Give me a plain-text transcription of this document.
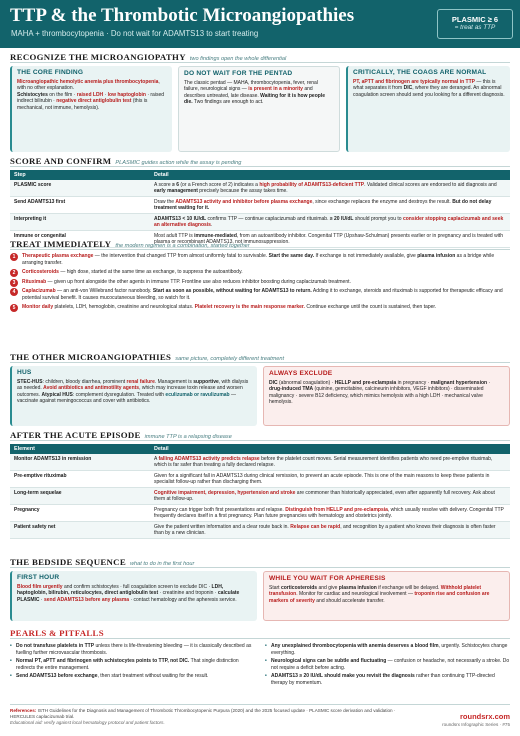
TTP & the Thrombotic Microangiopathies
MAHA + thrombocytopenia · Do not wait for ADAMTS13 to start treating
PLASMIC ≥ 6
= treat as TTP
RECOGNIZE THE MICROANGIOPATHY two findings open the whole differential
THE CORE FINDING
Microangiopathic hemolytic anemia plus thrombocytopenia, with no other explanation.
Schistocytes on the film · raised LDH · low haptoglobin · raised indirect bilirubin · negative direct antiglobulin test (this is mechanical, not immune, hemolysis).
DO NOT WAIT FOR THE PENTAD
The classic pentad — MAHA, thrombocytopenia, fever, renal failure, neurological signs — is present in a minority and describes untreated, late disease. Waiting for it is how people die. Two findings are enough to act.
CRITICALLY, THE COAGS ARE NORMAL
PT, aPTT and fibrinogen are typically normal in TTP — this is what separates it from DIC, where they are deranged. An abnormal coagulation screen should send you looking for a different diagnosis.
SCORE AND CONFIRM PLASMIC guides action while the assay is pending
Step	Detail
PLASMIC score	A score ≥ 6 (or a French score of 2) indicates a high probability of ADAMTS13-deficient TTP. Validated clinical scores are endorsed to aid diagnosis and early management precisely because the assay takes time.
Send ADAMTS13 first	Draw the ADAMTS13 activity and inhibitor before plasma exchange, since exchange replaces the enzyme and destroys the result. But do not delay treatment waiting for it.
Interpreting it	ADAMTS13 < 10 IU/dL confirms TTP — continue caplacizumab and rituximab. ≥ 20 IU/dL should prompt you to consider stopping caplacizumab and seek an alternative diagnosis.
Immune or congenital	Most adult TTP is immune-mediated, from an autoantibody inhibitor. Congenital TTP (Upshaw-Schulman) presents earlier or in pregnancy and is treated with plasma or recombinant ADAMTS13, not immunosuppression.
TREAT IMMEDIATELY the modern regimen is a combination, started together
1	Therapeutic plasma exchange — the intervention that changed TTP from almost uniformly fatal to survivable. Start the same day. If exchange is not immediately available, give plasma infusion as a bridge while arranging transfer.
2	Corticosteroids — high dose, started at the same time as exchange, to suppress the autoantibody.
3	Rituximab — given up front alongside the other agents in immune TTP. Frontline use also reduces inhibitor boosting during caplacizumab treatment.
4	Caplacizumab — an anti-von Willebrand factor nanobody. Start as soon as possible, without waiting for ADAMTS13 to return. Adding it to exchange, steroids and rituximab is supported for therapeutic efficacy and potential survival benefit. It causes mucocutaneous bleeding, so watch for it.
5	Monitor daily platelets, LDH, hemoglobin, creatinine and neurological status. Platelet recovery is the main response marker. Continue exchange until the count is sustained, then taper.
THE OTHER MICROANGIOPATHIES same picture, completely different treatment
HUS
STEC-HUS: children, bloody diarrhea, prominent renal failure. Management is supportive, with dialysis as needed. Avoid antibiotics and antimotility agents, which may increase toxin release and worsen outcomes. Atypical HUS: complement dysregulation. Treated with eculizumab or ravulizumab — vaccinate against meningococcus and cover with antibiotics.
ALWAYS EXCLUDE
DIC (abnormal coagulation) · HELLP and pre-eclampsia in pregnancy · malignant hypertension · drug-induced TMA (quinine, gemcitabine, calcineurin inhibitors, VEGF inhibitors) · disseminated malignancy · severe B12 deficiency, which mimics hemolysis with a high LDH · mechanical valve hemolysis.
AFTER THE ACUTE EPISODE immune TTP is a relapsing disease
Element	Detail
Monitor ADAMTS13 in remission	A falling ADAMTS13 activity predicts relapse before the platelet count moves. Serial measurement identifies patients who need pre-emptive rituximab, which is far safer than treating a fully declared relapse.
Pre-emptive rituximab	Given for a significant fall in ADAMTS13 during clinical remission, to prevent an acute episode. This is one of the main reasons to keep these patients in specialist follow-up rather than discharging them.
Long-term sequelae	Cognitive impairment, depression, hypertension and stroke are commoner than historically appreciated, even after apparently full recovery. Ask about them at follow-up.
Pregnancy	Pregnancy can trigger both first presentations and relapse. Distinguish from HELLP and pre-eclampsia, which usually resolve with delivery. Congenital TTP frequently declares itself in a first pregnancy. Plan future pregnancies with hematology and obstetrics jointly.
Patient safety net	Give the patient written information and a clear route back in. Relapse can be rapid, and recognition by a patient who knows their diagnosis is often faster than by a new clinician.
THE BEDSIDE SEQUENCE what to do in the first hour
FIRST HOUR
Blood film urgently and confirm schistocytes · full coagulation screen to exclude DIC · LDH, haptoglobin, bilirubin, reticulocytes, direct antiglobulin test · creatinine and troponin · calculate PLASMIC · send ADAMTS13 before any plasma · contact hematology and the apheresis service.
WHILE YOU WAIT FOR APHERESIS
Start corticosteroids and give plasma infusion if exchange will be delayed. Withhold platelet transfusion. Monitor for cardiac and neurological involvement — troponin rise and confusion are markers of severity and should accelerate transfer.
PEARLS & PITFALLS
• Do not transfuse platelets in TTP unless there is life-threatening bleeding — it is classically described as fuelling further microvascular thrombosis.
• Normal PT, aPTT and fibrinogen with schistocytes points to TTP, not DIC. That single distinction redirects the entire management.
• Send ADAMTS13 before exchange, then start treatment without waiting for the result.
• Any unexplained thrombocytopenia with anemia deserves a blood film, urgently. Schistocytes change everything.
• Neurological signs can be subtle and fluctuating — confusion or headache, not necessarily a stroke. Do not require a deficit before acting.
• ADAMTS13 ≥ 20 IU/dL should make you revisit the diagnosis rather than continuing TTP-directed therapy by momentum.
References: ISTH Guidelines for the Diagnosis and Management of Thrombotic Thrombocytopenic Purpura (2020) and the 2025 focused update · PLASMIC score derivation and validation · HERCULES caplacizumab trial.
Educational aid: verify against local hematology protocol and patient factors.
roundsrx.com
roundsrx Infographic Series · #75
